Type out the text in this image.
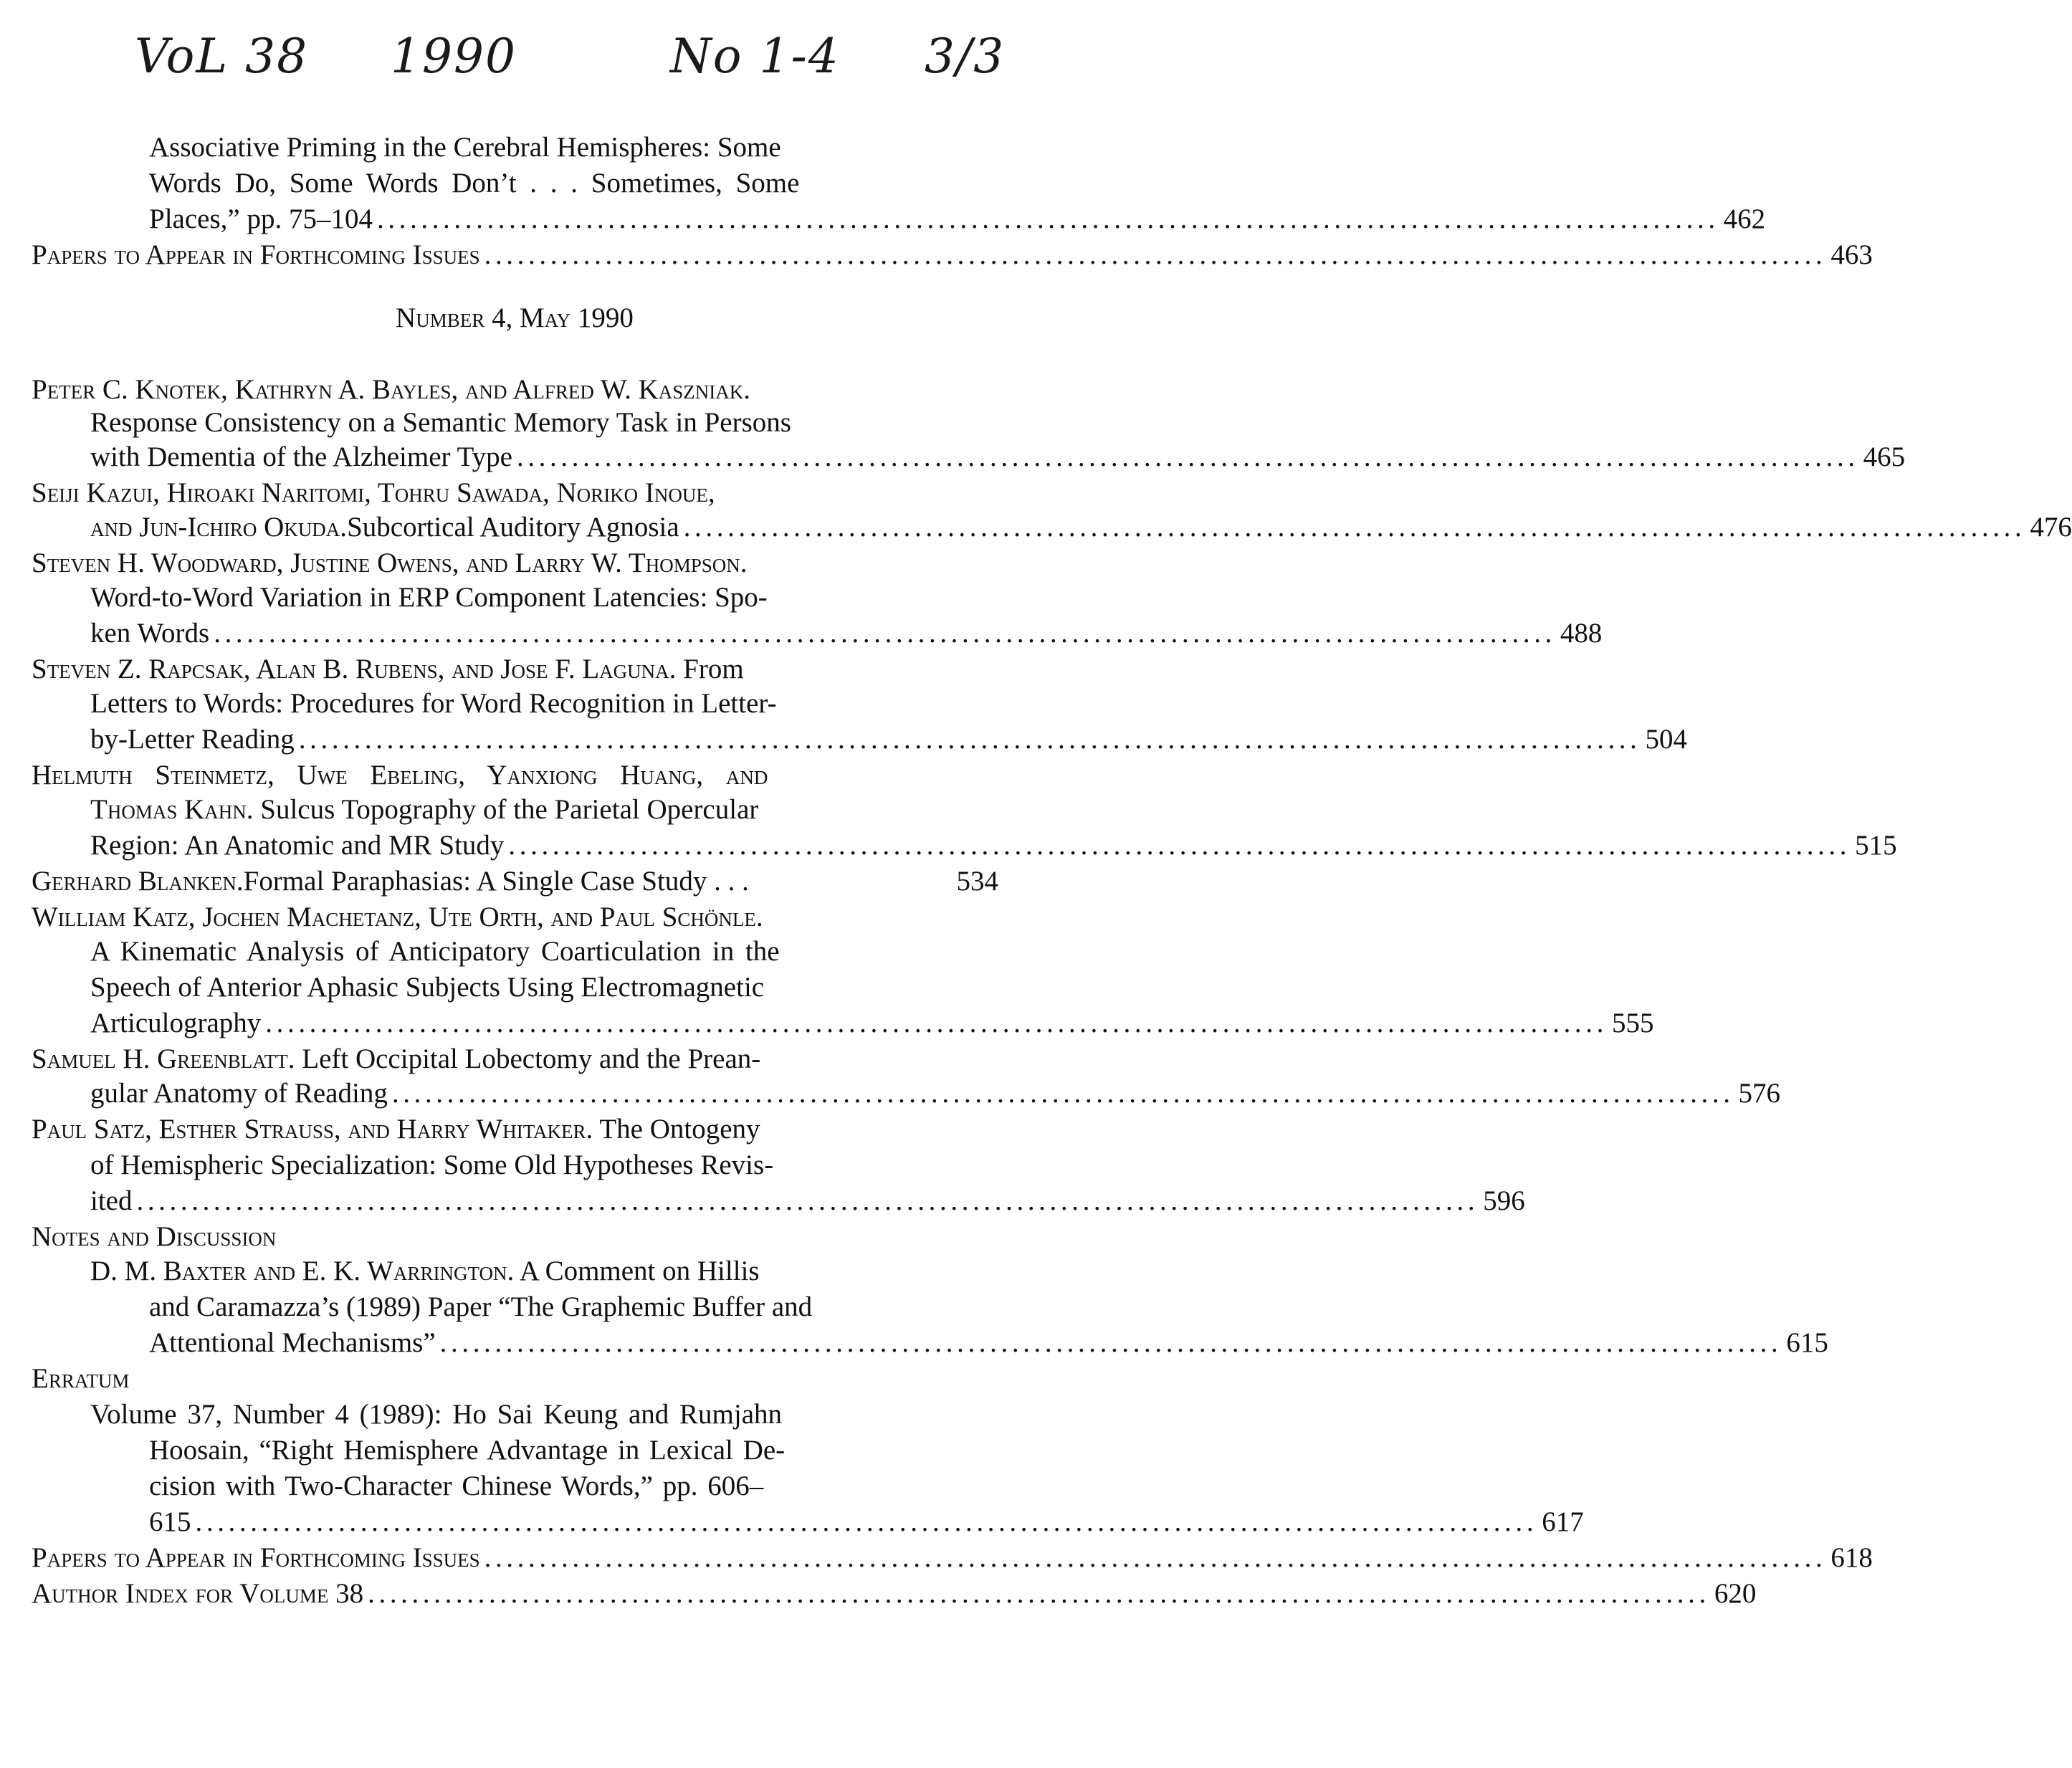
VoL 38 1990	No 1-4 3/3
Associative Priming in the Cerebral Hemispheres: Some
Words Do, Some Words Don’t . . . Sometimes, Some
Places,” pp. 75–104 .......................................................................................................................... 462
Papers to Appear in Forthcoming Issues .......................................................................................................................... 463
Number 4, May 1990
Peter C. Knotek, Kathryn A. Bayles, and Alfred W. Kaszniak.
Response Consistency on a Semantic Memory Task in Persons
with Dementia of the Alzheimer Type .......................................................................................................................... 465
Seiji Kazui, Hiroaki Naritomi, Tohru Sawada, Noriko Inoue,
and Jun-Ichiro Okuda. Subcortical Auditory Agnosia .......................................................................................................................... 476
Steven H. Woodward, Justine Owens, and Larry W. Thompson.
Word-to-Word Variation in ERP Component Latencies: Spo-
ken Words .......................................................................................................................... 488
Steven Z. Rapcsak, Alan B. Rubens, and Jose F. Laguna. From
Letters to Words: Procedures for Word Recognition in Letter-
by-Letter Reading .......................................................................................................................... 504
Helmuth Steinmetz, Uwe Ebeling, Yanxiong Huang, and
Thomas Kahn. Sulcus Topography of the Parietal Opercular
Region: An Anatomic and MR Study .......................................................................................................................... 515
Gerhard Blanken. Formal Paraphasias: A Single Case Study . . .	534
William Katz, Jochen Machetanz, Ute Orth, and Paul Schönle.
A Kinematic Analysis of Anticipatory Coarticulation in the
Speech of Anterior Aphasic Subjects Using Electromagnetic
Articulography .......................................................................................................................... 555
Samuel H. Greenblatt. Left Occipital Lobectomy and the Prean-
gular Anatomy of Reading .......................................................................................................................... 576
Paul Satz, Esther Strauss, and Harry Whitaker. The Ontogeny
of Hemispheric Specialization: Some Old Hypotheses Revis-
ited .......................................................................................................................... 596
Notes and Discussion
D. M. Baxter and E. K. Warrington. A Comment on Hillis
and Caramazza’s (1989) Paper “The Graphemic Buffer and
Attentional Mechanisms” .......................................................................................................................... 615
Erratum
Volume 37, Number 4 (1989): Ho Sai Keung and Rumjahn
Hoosain, “Right Hemisphere Advantage in Lexical De-
cision with Two-Character Chinese Words,” pp. 606–
615 .......................................................................................................................... 617
Papers to Appear in Forthcoming Issues .......................................................................................................................... 618
Author Index for Volume 38 .......................................................................................................................... 620
